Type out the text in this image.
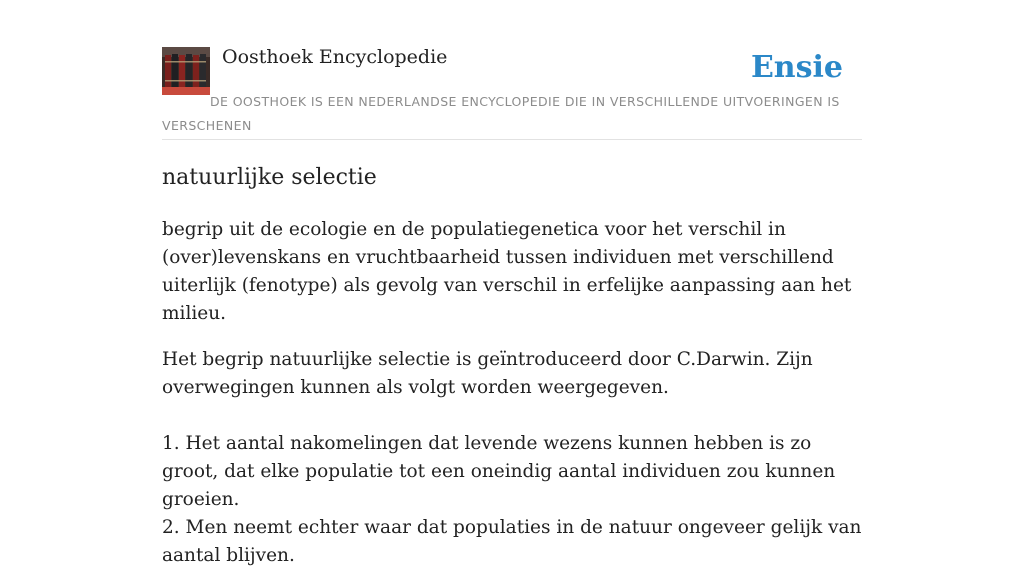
Oosthoek Encyclopedie	Ensie
DE OOSTHOEK IS EEN NEDERLANDSE ENCYCLOPEDIE DIE IN VERSCHILLENDE UITVOERINGEN IS VERSCHENEN
natuurlijke selectie

begrip uit de ecologie en de populatiegenetica voor het verschil in (over)levenskans en vruchtbaarheid tussen individuen met verschillend uiterlijk (fenotype) als gevolg van verschil in erfelijke aanpassing aan het milieu.

Het begrip natuurlijke selectie is geïntroduceerd door C.Darwin. Zijn overwegingen kunnen als volgt worden weergegeven.

1. Het aantal nakomelingen dat levende wezens kunnen hebben is zo groot, dat elke populatie tot een oneindig aantal individuen zou kunnen groeien.

2. Men neemt echter waar dat populaties in de natuur ongeveer gelijk van aantal blijven.
